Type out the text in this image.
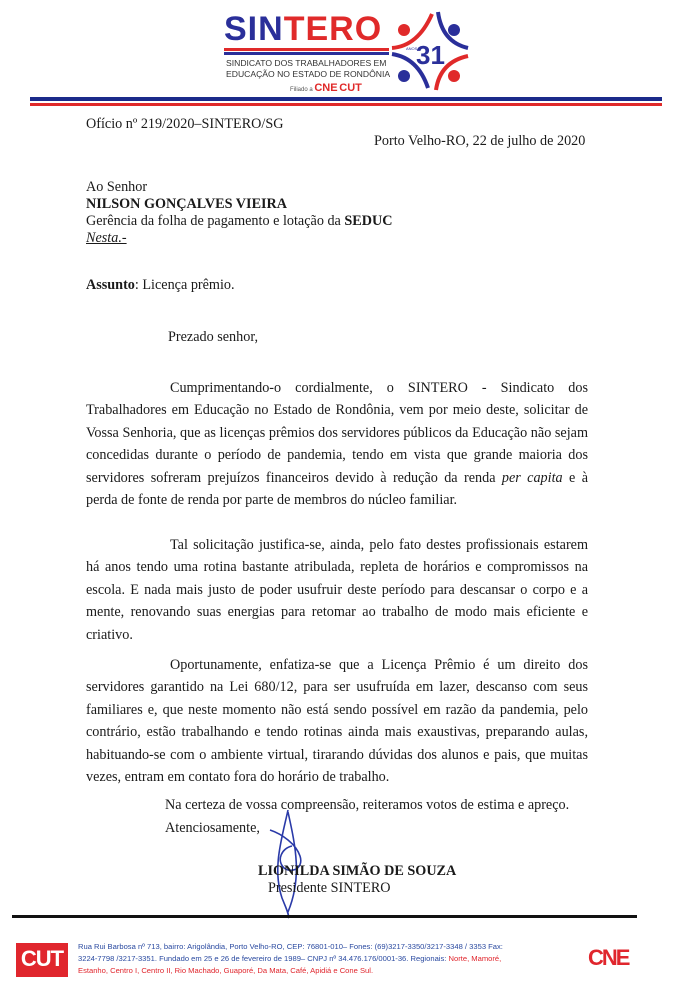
SINTERO
SINDICATO DOS TRABALHADORES EM
EDUCAÇÃO NO ESTADO DE RONDÔNIA
Filiado a CNE CUT
31
ANOS
Ofício nº 219/2020–SINTERO/SG
Porto Velho-RO, 22 de julho de 2020
Ao Senhor
NILSON GONÇALVES VIEIRA
Gerência da folha de pagamento e lotação da SEDUC
Nesta.-
Assunto: Licença prêmio.
Prezado senhor,
Cumprimentando-o cordialmente, o SINTERO - Sindicato dos Trabalhadores em Educação no Estado de Rondônia, vem por meio deste, solicitar de Vossa Senhoria, que as licenças prêmios dos servidores públicos da Educação não sejam concedidas durante o período de pandemia, tendo em vista que grande maioria dos servidores sofreram prejuízos financeiros devido à redução da renda per capita e à perda de fonte de renda por parte de membros do núcleo familiar.
Tal solicitação justifica-se, ainda, pelo fato destes profissionais estarem há anos tendo uma rotina bastante atribulada, repleta de horários e compromissos na escola. E nada mais justo de poder usufruir deste período para descansar o corpo e a mente, renovando suas energias para retomar ao trabalho de modo mais eficiente e criativo.
Oportunamente, enfatiza-se que a Licença Prêmio é um direito dos servidores garantido na Lei 680/12, para ser usufruída em lazer, descanso com seus familiares e, que neste momento não está sendo possível em razão da pandemia, pelo contrário, estão trabalhando e tendo rotinas ainda mais exaustivas, preparando aulas, habituando-se com o ambiente virtual, tirarando dúvidas dos alunos e pais, que muitas vezes, entram em contato fora do horário de trabalho.
Na certeza de vossa compreensão, reiteramos votos de estima e apreço.
Atenciosamente,
LIONILDA SIMÃO DE SOUZA
Presidente SINTERO
CUT	Rua Rui Barbosa nº 713, bairro: Arigolândia, Porto Velho-RO, CEP: 76801-010– Fones: (69)3217-3350/3217-3348 / 3353 Fax:
3224-7798 /3217-3351. Fundado em 25 e 26 de fevereiro de 1989– CNPJ nº 34.476.176/0001-36. Regionais: Norte, Mamoré,
Estanho, Centro I, Centro II, Rio Machado, Guaporé, Da Mata, Café, Apidiá e Cone Sul.
CNE
